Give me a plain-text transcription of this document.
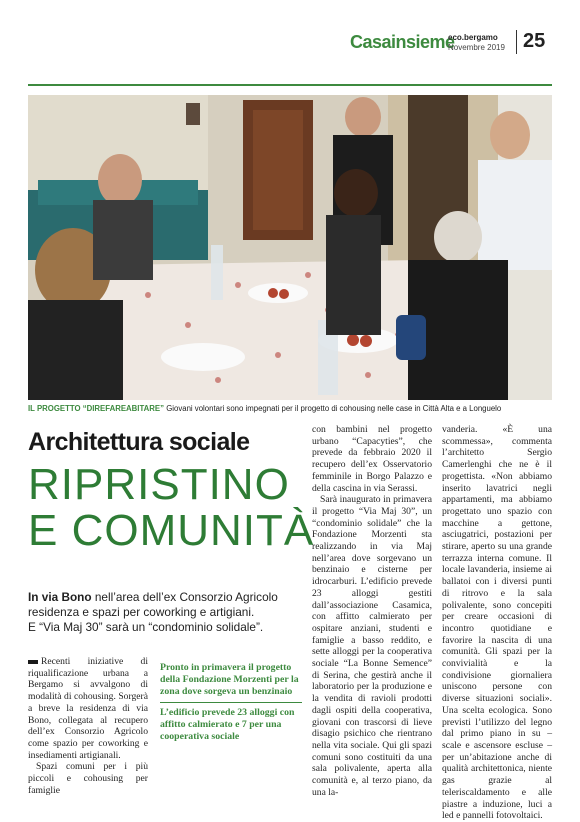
Casainsieme
eco.bergamo
Novembre 2019 25
IL PROGETTO “DIREFAREABITARE” Giovani volontari sono impegnati per il progetto di cohousing nelle case in Città Alta e a Longuelo
Architettura sociale
RIPRISTINO
E COMUNITÀ

In via Bono nell’area dell’ex Consorzio Agricolo residenza e spazi per coworking e artigiani.

E “Via Maj 30” sarà un “condominio solidale”.

Recenti iniziative di riqualificazione urbana a Bergamo si avvalgono di modalità di cohousing. Sorgerà a breve la residenza di via Bono, collegata al recupero dell’ex Consorzio Agricolo come spazio per coworking e insediamenti artigianali.

Spazi comuni per i più piccoli e cohousing per famiglie

Pronto in primavera il progetto della Fondazione Morzenti per la zona dove sorgeva un benzinaio

L’edificio prevede 23 alloggi con affitto calmierato e 7 per una cooperativa sociale

con bambini nel progetto urbano “Capacyties”, che prevede da febbraio 2020 il recupero dell’ex Osservatorio femminile in Borgo Palazzo e della cascina in via Serassi.

Sarà inaugurato in primavera il progetto “Via Maj 30”, un “condominio solidale” che la Fondazione Morzenti sta realizzando in via Maj nell’area dove sorgevano un benzinaio e cisterne per idrocarburi. L’edificio prevede 23 alloggi gestiti dall’associazione Casamica, con affitto calmierato per ospitare anziani, studenti e famiglie a basso reddito, e sette alloggi per la cooperativa sociale “La Bonne Semence” di Serina, che gestirà anche il laboratorio per la produzione e la vendita di ravioli prodotti dagli ospiti della cooperativa, giovani con trascorsi di lieve disagio psichico che rientrano nella vita sociale. Qui gli spazi comuni sono costituiti da una sala polivalente, aperta alla comunità e, al terzo piano, da una la-

vanderia. «È una scommessa», commenta l’architetto Sergio Camerlenghi che ne è il progettista. «Non abbiamo inserito lavatrici negli appartamenti, ma abbiamo progettato uno spazio con macchine a gettone, asciugatrici, postazioni per stirare, aperto su una grande terrazza interna comune. Il locale lavanderia, insieme ai ballatoi con i diversi punti di ritrovo e la sala polivalente, sono concepiti per creare occasioni di incontro quotidiane e favorire la nascita di una comunità. Gli spazi per la convivialità e la condivisione giornaliera uniscono persone con diverse situazioni sociali». Una scelta ecologica. Sono previsti l’utilizzo del legno dal primo piano in su – scale e ascensore escluse – per un’abitazione anche di qualità architettonica, niente gas grazie al teleriscaldamento e alle piastre a induzione, luci a led e pannelli fotovoltaici.
